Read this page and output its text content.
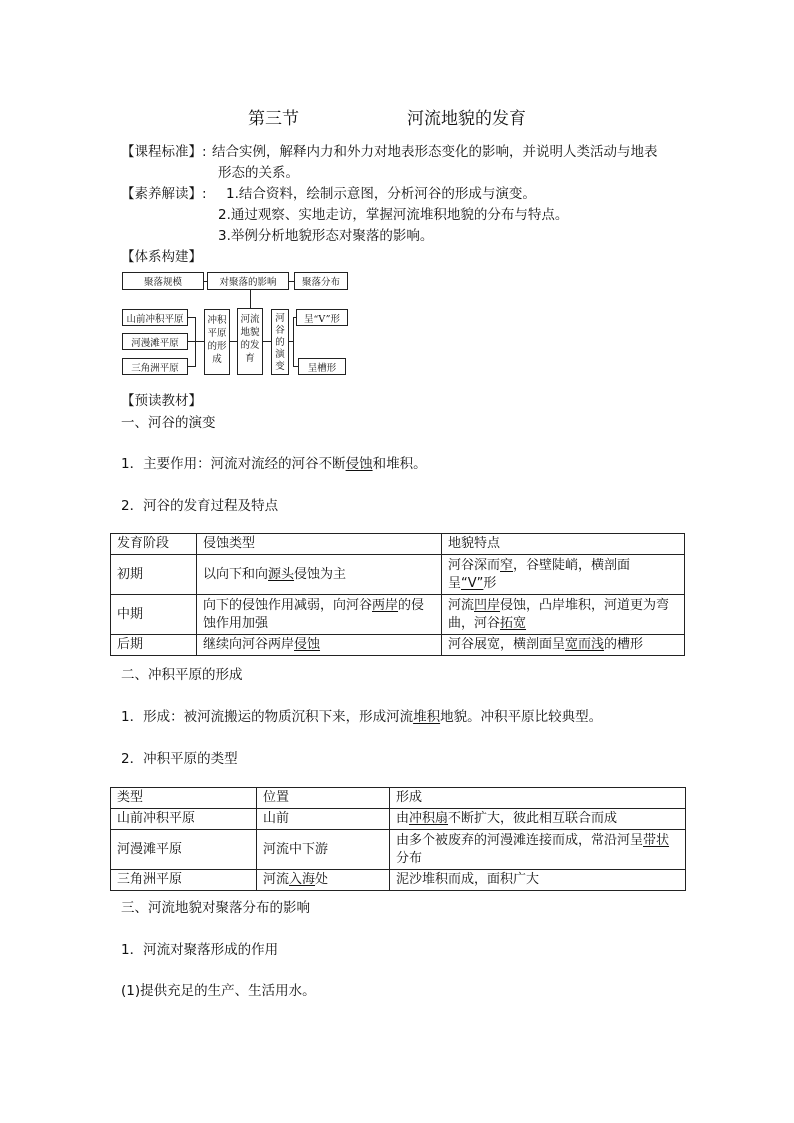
第三节	河流地貌的发育
【课程标准】: 结合实例，解释内力和外力对地表形态变化的影响，并说明人类活动与地表
形态的关系。
【素养解读】: 1.结合资料，绘制示意图，分析河谷的形成与演变。
2.通过观察、实地走访，掌握河流堆积地貌的分布与特点。
3.举例分析地貌形态对聚落的影响。
【体系构建】
聚落规模	对聚落的影响	聚落分布
山前冲积平原
河漫滩平原
三角洲平原
冲积
平原
的形
成
河流
地貌
的发
育
河
谷
的
演
变
呈“V”形
呈槽形
【预读教材】
一、河谷的演变
1．主要作用：河流对流经的河谷不断侵蚀和堆积。
2．河谷的发育过程及特点
发育阶段	侵蚀类型	地貌特点
初期	以向下和向源头侵蚀为主	河谷深而窄，谷壁陡峭，横剖面呈“V”形
中期	向下的侵蚀作用减弱，向河谷两岸的侵蚀作用加强	河流凹岸侵蚀，凸岸堆积，河道更为弯曲，河谷拓宽
后期	继续向河谷两岸侵蚀	河谷展宽，横剖面呈宽而浅的槽形
二、冲积平原的形成
1．形成：被河流搬运的物质沉积下来，形成河流堆积地貌。冲积平原比较典型。
2．冲积平原的类型
类型	位置	形成
山前冲积平原	山前	由冲积扇不断扩大，彼此相互联合而成
河漫滩平原	河流中下游	由多个被废弃的河漫滩连接而成，常沿河呈带状分布
三角洲平原	河流入海处	泥沙堆积而成，面积广大
三、河流地貌对聚落分布的影响
1．河流对聚落形成的作用
(1)提供充足的生产、生活用水。
